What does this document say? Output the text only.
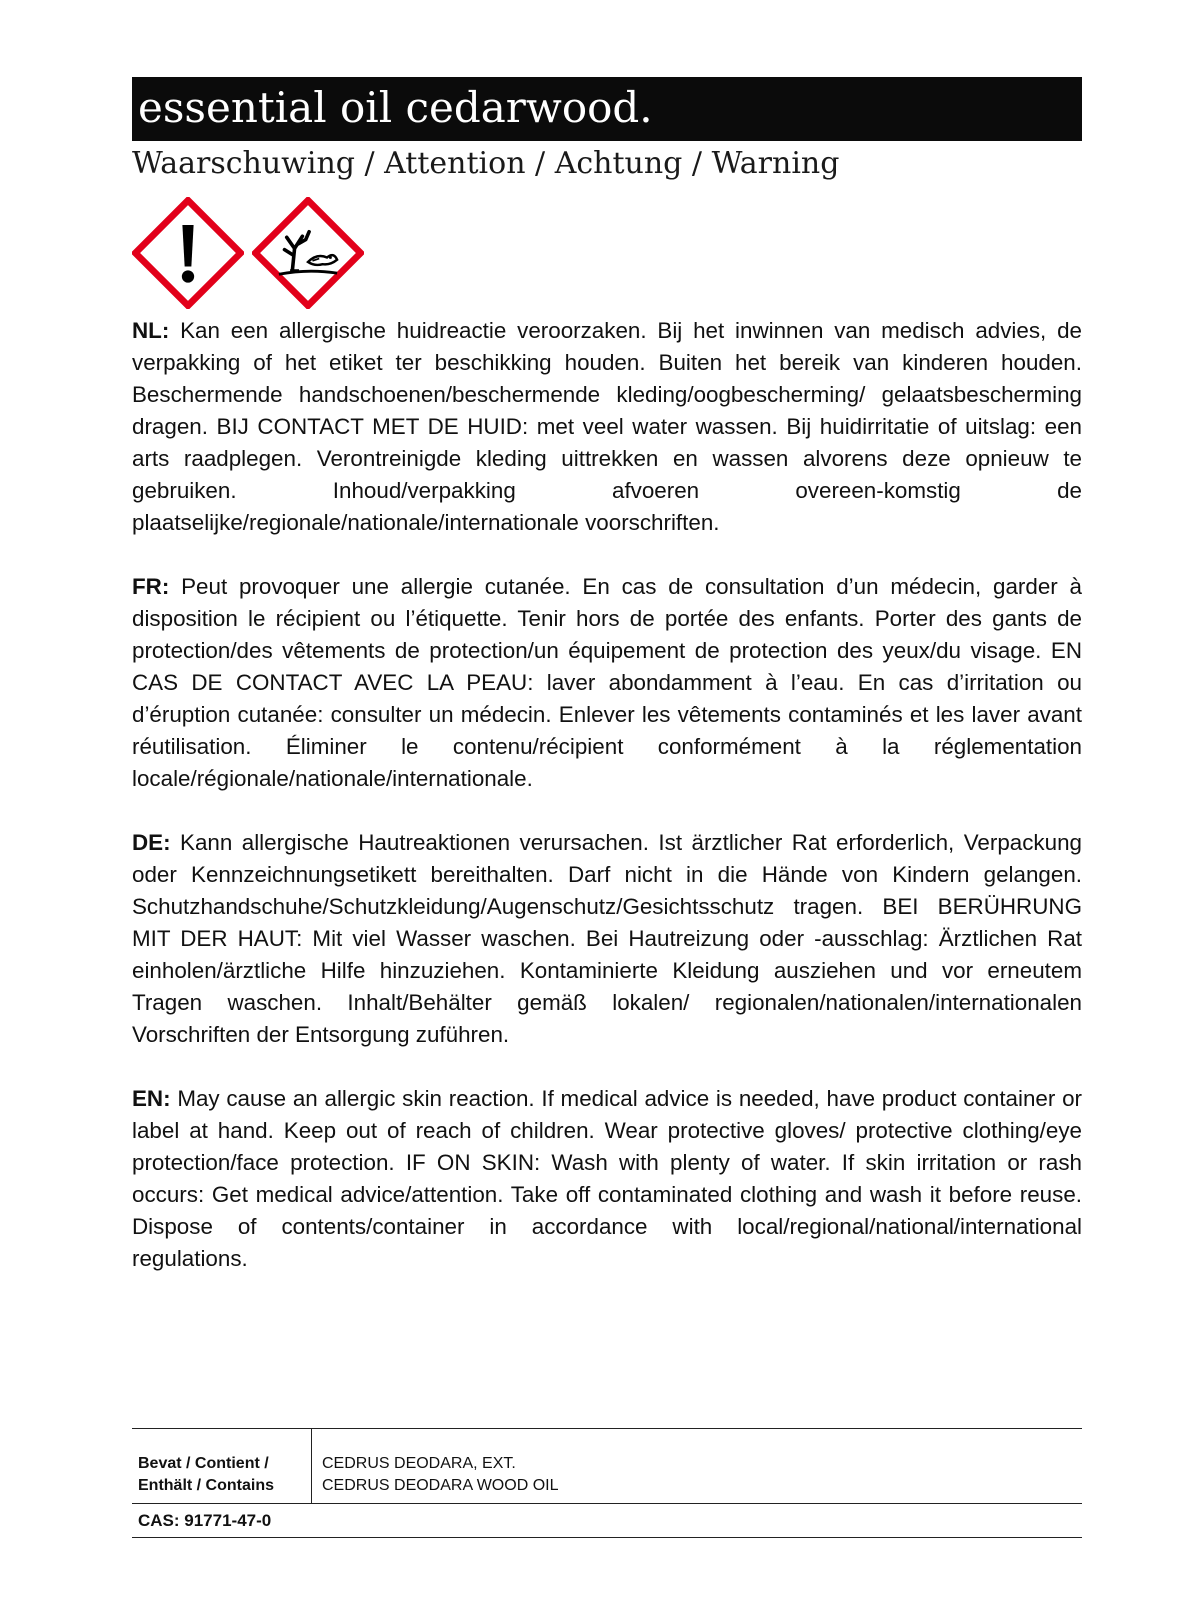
essential oil cedarwood.
Waarschuwing / Attention / Achtung / Warning

NL: Kan een allergische huidreactie veroorzaken. Bij het inwinnen van medisch advies, de verpakking of het etiket ter beschikking houden. Buiten het bereik van kinderen houden. Beschermende handschoenen/beschermende kleding/oogbescherming/ gelaatsbescherming dragen. BIJ CONTACT MET DE HUID: met veel water wassen. Bij huidirritatie of uitslag: een arts raadplegen. Verontreinigde kleding uittrekken en wassen alvorens deze opnieuw te gebruiken. Inhoud/verpakking afvoeren overeen-komstig de plaatselijke/regionale/nationale/internationale voorschriften.

FR: Peut provoquer une allergie cutanée. En cas de consultation d’un médecin, garder à disposition le récipient ou l’étiquette. Tenir hors de portée des enfants. Porter des gants de protection/des vêtements de protection/un équipement de protection des yeux/du visage. EN CAS DE CONTACT AVEC LA PEAU: laver abondamment à l’eau. En cas d’irritation ou d’éruption cutanée: consulter un médecin. Enlever les vêtements contaminés et les laver avant réutilisation. Éliminer le contenu/récipient conformément à la réglementation locale/régionale/nationale/internationale.

DE: Kann allergische Hautreaktionen verursachen. Ist ärztlicher Rat erforderlich, Verpackung oder Kennzeichnungsetikett bereithalten. Darf nicht in die Hände von Kindern gelangen. Schutzhandschuhe/Schutzkleidung/Augenschutz/Gesichtsschutz tragen. BEI BERÜHRUNG MIT DER HAUT: Mit viel Wasser waschen. Bei Hautreizung oder -ausschlag: Ärztlichen Rat einholen/ärztliche Hilfe hinzuziehen. Kontaminierte Kleidung ausziehen und vor erneutem Tragen waschen. Inhalt/Behälter gemäß lokalen/ regionalen/nationalen/internationalen Vorschriften der Entsorgung zuführen.

EN: May cause an allergic skin reaction. If medical advice is needed, have product container or label at hand. Keep out of reach of children. Wear protective gloves/ protective clothing/eye protection/face protection. IF ON SKIN: Wash with plenty of water. If skin irritation or rash occurs: Get medical advice/attention. Take off contaminated clothing and wash it before reuse. Dispose of contents/container in accordance with local/regional/national/international regulations.

Bevat / Contient /
Enthält / Contains
CEDRUS DEODARA, EXT.
CEDRUS DEODARA WOOD OIL
CAS: 91771-47-0
